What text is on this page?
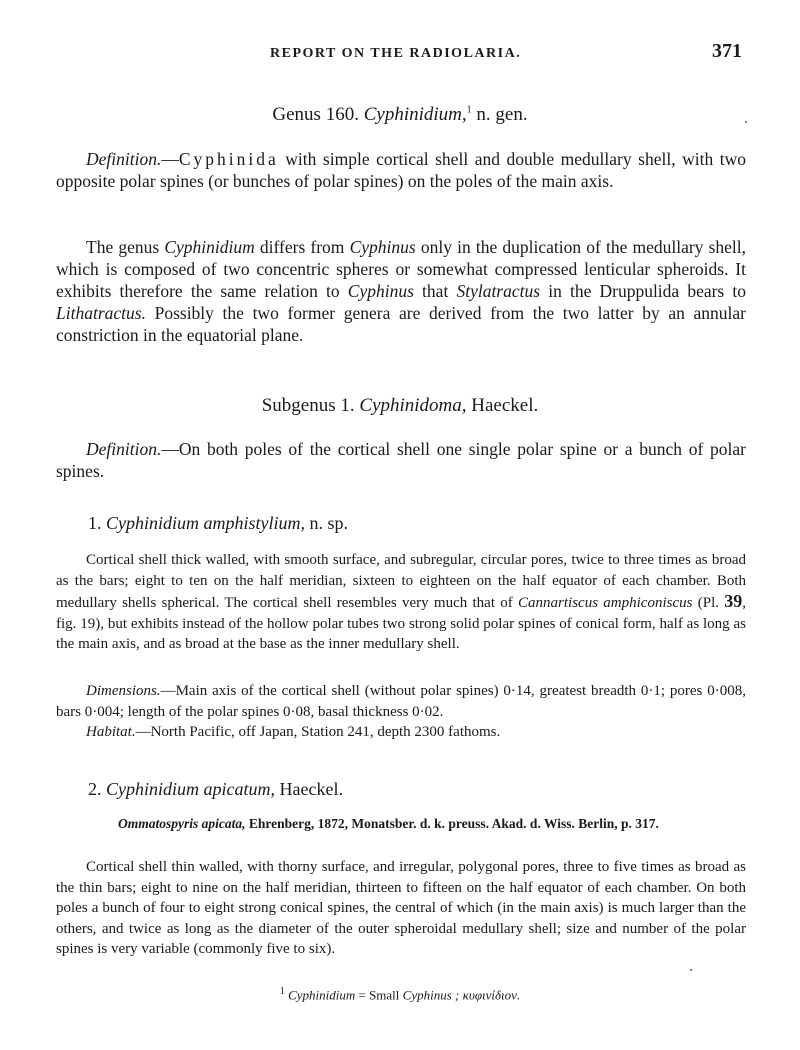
REPORT ON THE RADIOLARIA.	371
Genus 160. Cyphinidium,$^1$ n. gen.
Definition.—Cyphinida with simple cortical shell and double medullary shell, with two opposite polar spines (or bunches of polar spines) on the poles of the main axis.
The genus Cyphinidium differs from Cyphinus only in the duplication of the medullary shell, which is composed of two concentric spheres or somewhat compressed lenticular spheroids. It exhibits therefore the same relation to Cyphinus that Stylatractus in the Druppulida bears to Lithatractus. Possibly the two former genera are derived from the two latter by an annular constriction in the equatorial plane.
Subgenus 1. Cyphinidoma, Haeckel.
Definition.—On both poles of the cortical shell one single polar spine or a bunch of polar spines.
1. Cyphinidium amphistylium, n. sp.
Cortical shell thick walled, with smooth surface, and subregular, circular pores, twice to three times as broad as the bars; eight to ten on the half meridian, sixteen to eighteen on the half equator of each chamber. Both medullary shells spherical. The cortical shell resembles very much that of Cannartiscus amphiconiscus (Pl. 39, fig. 19), but exhibits instead of the hollow polar tubes two strong solid polar spines of conical form, half as long as the main axis, and as broad at the base as the inner medullary shell.
Dimensions.—Main axis of the cortical shell (without polar spines) 0·14, greatest breadth 0·1; pores 0·008, bars 0·004; length of the polar spines 0·08, basal thickness 0·02.
Habitat.—North Pacific, off Japan, Station 241, depth 2300 fathoms.
2. Cyphinidium apicatum, Haeckel.
Ommatospyris apicata, Ehrenberg, 1872, Monatsber. d. k. preuss. Akad. d. Wiss. Berlin, p. 317.
Cortical shell thin walled, with thorny surface, and irregular, polygonal pores, three to five times as broad as the thin bars; eight to nine on the half meridian, thirteen to fifteen on the half equator of each chamber. On both poles a bunch of four to eight strong conical spines, the central of which (in the main axis) is much larger than the others, and twice as long as the diameter of the outer spheroidal medullary shell; size and number of the polar spines is very variable (commonly five to six).
$^1$ Cyphinidium = Small Cyphinus ; κυφινίδιον.
